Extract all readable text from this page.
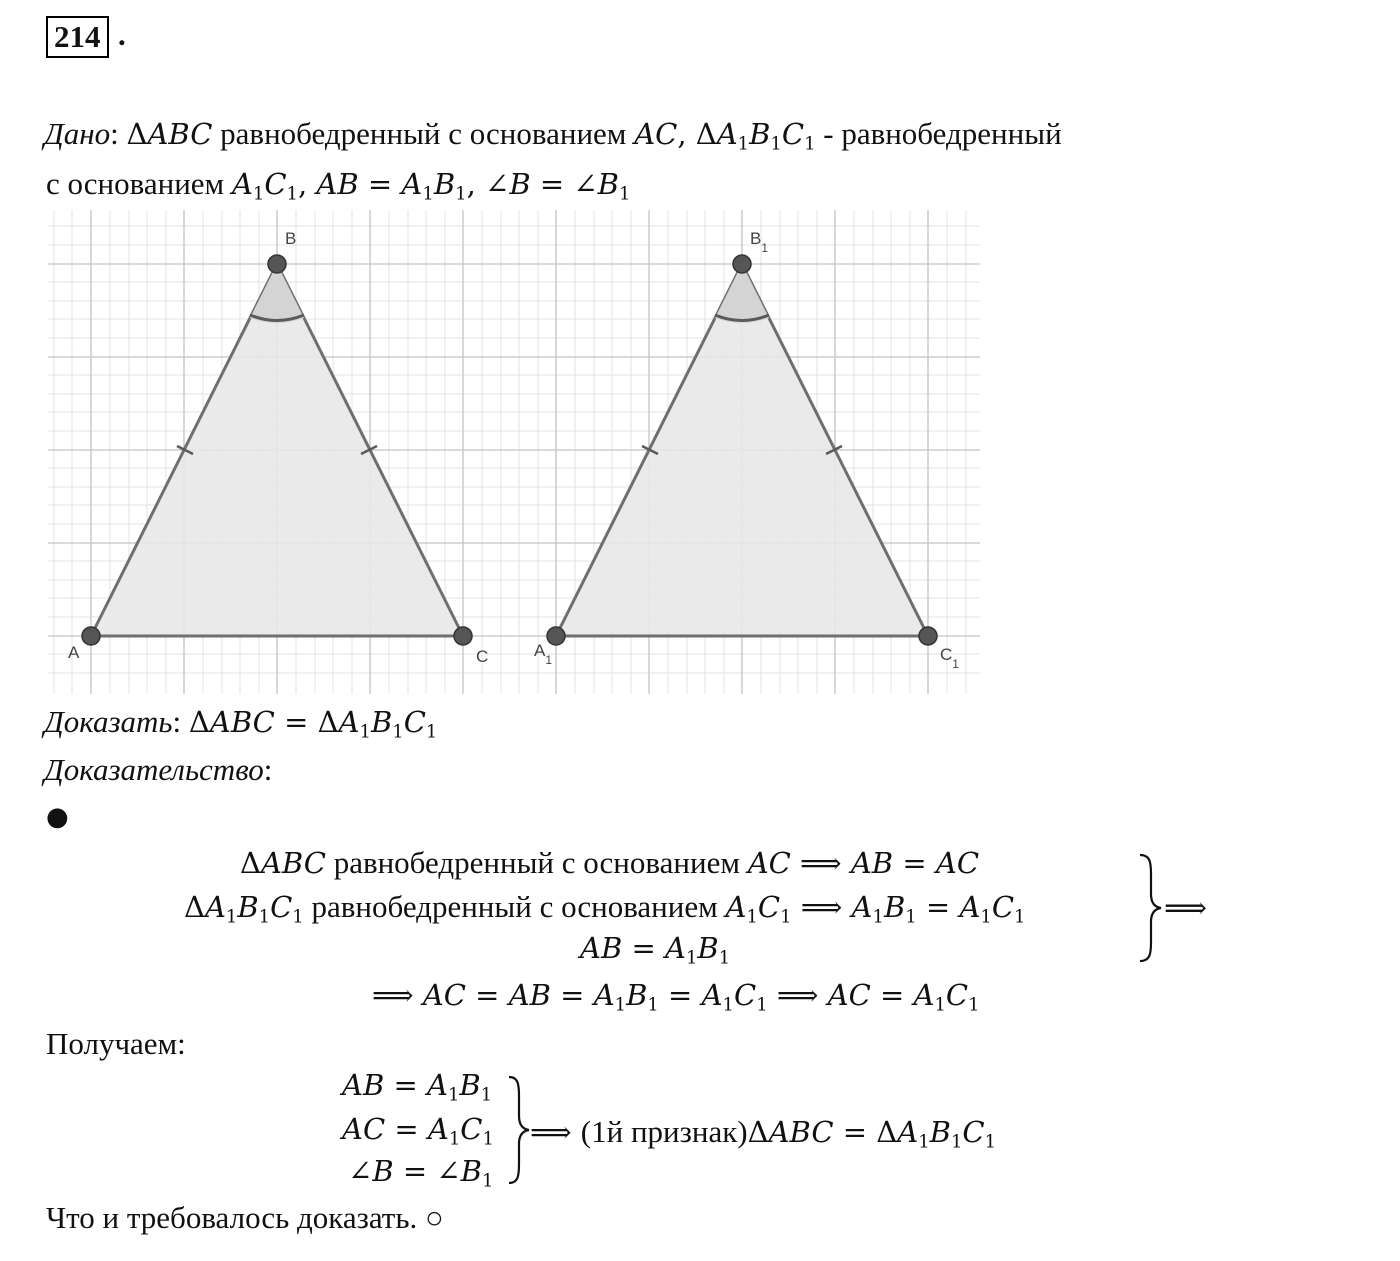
214 .
Дано: ΔABC равнобедренный с основанием AC, $\Delta A_1B_1C_1$ - равнобедренный
с основанием $A_1C_1$, AB = $A_1B_1$, ∠B = $\angle B_1$
A
B
C	$A_1$
$B_1$
$C_1$
Доказать: $\Delta ABC = \Delta A_1B_1C_1$
Доказательство:
●
ΔABC равнобедренный с основанием AC ⟹ AB = AC
$\Delta A_1B_1C_1$ равнобедренный с основанием $A_1C_1$ ⟹ $A_1B_1 = A_1C_1$
AB = $A_1B_1$
⟹
⟹ AC = AB = $A_1B_1 = A_1C_1$ ⟹ AC = $A_1C_1$
Получаем:
AB = $A_1B_1$
AC = $A_1C_1$
∠B = $\angle B_1$
⟹ (1й признак)ΔABC = $\Delta A_1B_1C_1$
Что и требовалось доказать. ○
